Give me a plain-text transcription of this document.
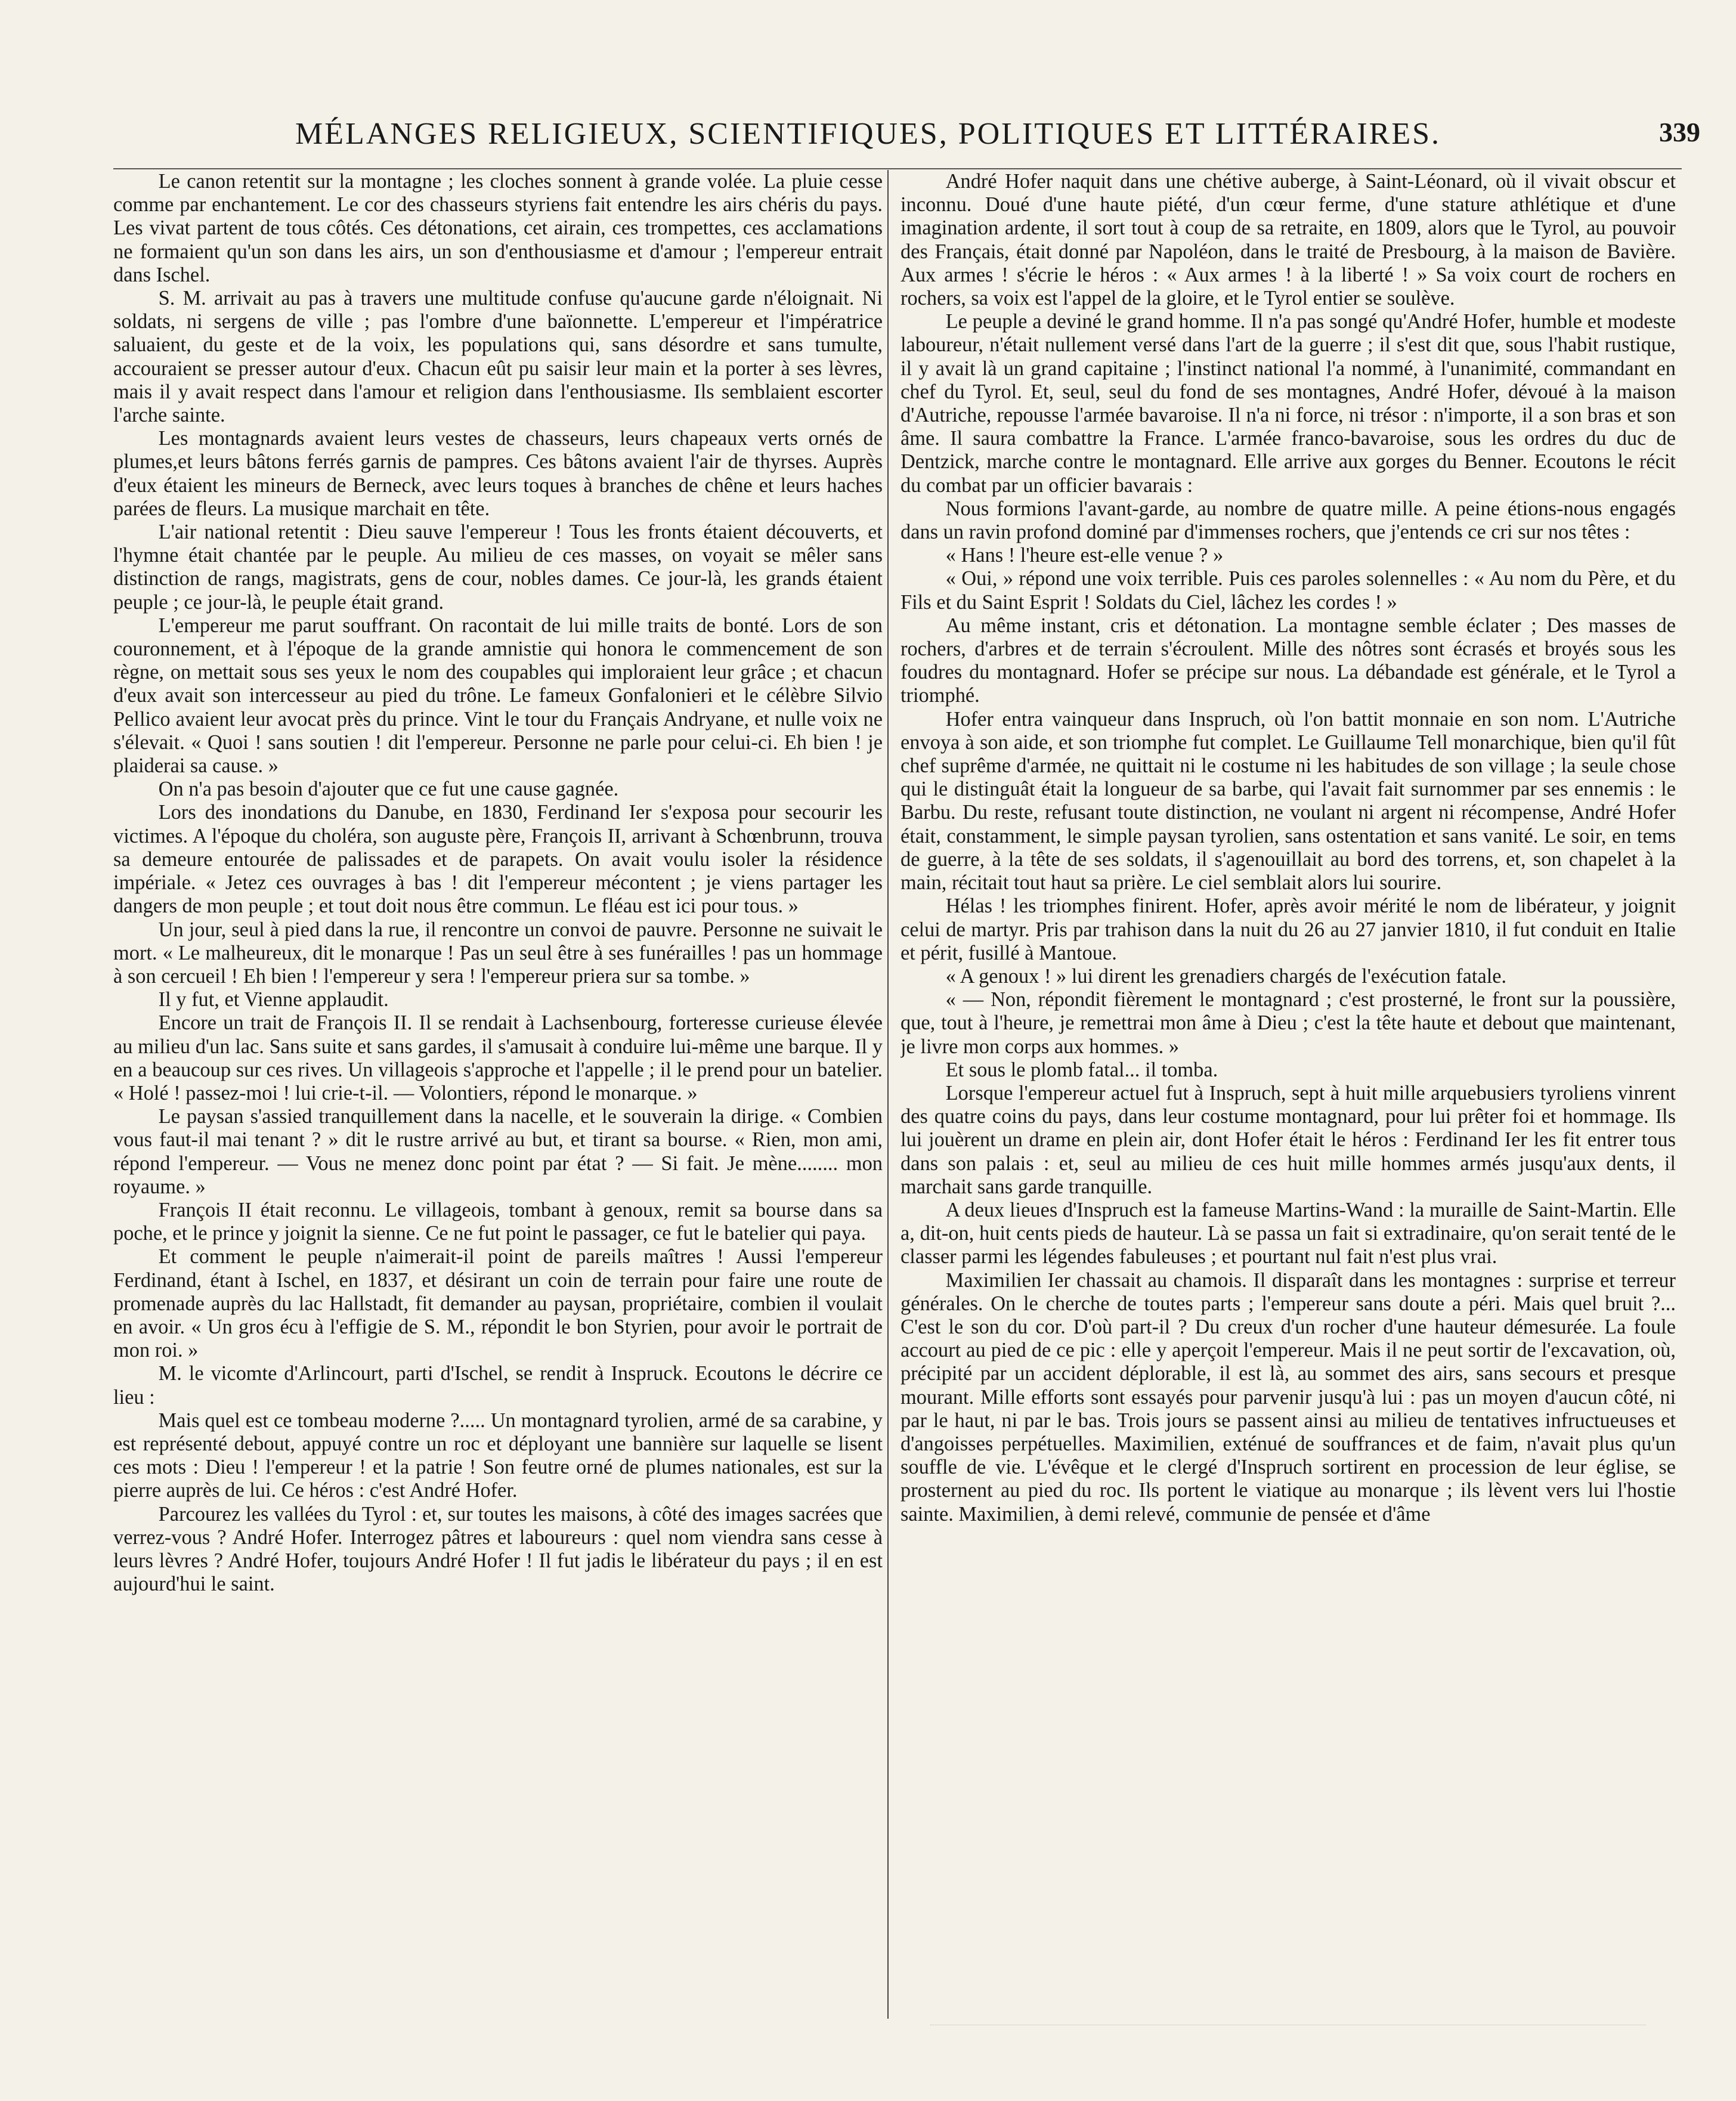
MÉLANGES RELIGIEUX, SCIENTIFIQUES, POLITIQUES ET LITTÉRAIRES.	339

Le canon retentit sur la montagne ; les cloches sonnent à grande volée. La pluie cesse comme par enchantement. Le cor des chasseurs styriens fait entendre les airs chéris du pays. Les vivat partent de tous côtés. Ces détonations, cet airain, ces trompettes, ces acclamations ne formaient qu'un son dans les airs, un son d'enthousiasme et d'amour ; l'empereur entrait dans Ischel.

S. M. arrivait au pas à travers une multitude confuse qu'aucune garde n'éloignait. Ni soldats, ni sergens de ville ; pas l'ombre d'une baïonnette. L'empereur et l'impératrice saluaient, du geste et de la voix, les populations qui, sans désordre et sans tumulte, accouraient se presser autour d'eux. Chacun eût pu saisir leur main et la porter à ses lèvres, mais il y avait respect dans l'amour et religion dans l'enthousiasme. Ils semblaient escorter l'arche sainte.

Les montagnards avaient leurs vestes de chasseurs, leurs chapeaux verts ornés de plumes,et leurs bâtons ferrés garnis de pampres. Ces bâtons avaient l'air de thyrses. Auprès d'eux étaient les mineurs de Berneck, avec leurs toques à branches de chêne et leurs haches parées de fleurs. La musique marchait en tête.

L'air national retentit : Dieu sauve l'empereur ! Tous les fronts étaient découverts, et l'hymne était chantée par le peuple. Au milieu de ces masses, on voyait se mêler sans distinction de rangs, magistrats, gens de cour, nobles dames. Ce jour-là, les grands étaient peuple ; ce jour-là, le peuple était grand.

L'empereur me parut souffrant. On racontait de lui mille traits de bonté. Lors de son couronnement, et à l'époque de la grande amnistie qui honora le commencement de son règne, on mettait sous ses yeux le nom des coupables qui imploraient leur grâce ; et chacun d'eux avait son intercesseur au pied du trône. Le fameux Gonfalonieri et le célèbre Silvio Pellico avaient leur avocat près du prince. Vint le tour du Français Andryane, et nulle voix ne s'élevait. « Quoi ! sans soutien ! dit l'empereur. Personne ne parle pour celui-ci. Eh bien ! je plaiderai sa cause. »

On n'a pas besoin d'ajouter que ce fut une cause gagnée.

Lors des inondations du Danube, en 1830, Ferdinand Ier s'exposa pour secourir les victimes. A l'époque du choléra, son auguste père, François II, arrivant à Schœnbrunn, trouva sa demeure entourée de palissades et de parapets. On avait voulu isoler la résidence impériale. « Jetez ces ouvrages à bas ! dit l'empereur mécontent ; je viens partager les dangers de mon peuple ; et tout doit nous être commun. Le fléau est ici pour tous. »

Un jour, seul à pied dans la rue, il rencontre un convoi de pauvre. Personne ne suivait le mort. « Le malheureux, dit le monarque ! Pas un seul être à ses funérailles ! pas un hommage à son cercueil ! Eh bien ! l'empereur y sera ! l'empereur priera sur sa tombe. »

Il y fut, et Vienne applaudit.

Encore un trait de François II. Il se rendait à Lachsenbourg, forteresse curieuse élevée au milieu d'un lac. Sans suite et sans gardes, il s'amusait à conduire lui-même une barque. Il y en a beaucoup sur ces rives. Un villageois s'approche et l'appelle ; il le prend pour un batelier. « Holé ! passez-moi ! lui crie-t-il. — Volontiers, répond le monarque. »

Le paysan s'assied tranquillement dans la nacelle, et le souverain la dirige. « Combien vous faut-il mai tenant ? » dit le rustre arrivé au but, et tirant sa bourse. « Rien, mon ami, répond l'empereur. — Vous ne menez donc point par état ? — Si fait. Je mène........ mon royaume. »

François II était reconnu. Le villageois, tombant à genoux, remit sa bourse dans sa poche, et le prince y joignit la sienne. Ce ne fut point le passager, ce fut le batelier qui paya.

Et comment le peuple n'aimerait-il point de pareils maîtres ! Aussi l'empereur Ferdinand, étant à Ischel, en 1837, et désirant un coin de terrain pour faire une route de promenade auprès du lac Hallstadt, fit demander au paysan, propriétaire, combien il voulait en avoir. « Un gros écu à l'effigie de S. M., répondit le bon Styrien, pour avoir le portrait de mon roi. »

M. le vicomte d'Arlincourt, parti d'Ischel, se rendit à Inspruck. Ecoutons le décrire ce lieu :

Mais quel est ce tombeau moderne ?..... Un montagnard tyrolien, armé de sa carabine, y est représenté debout, appuyé contre un roc et déployant une bannière sur laquelle se lisent ces mots : Dieu ! l'empereur ! et la patrie ! Son feutre orné de plumes nationales, est sur la pierre auprès de lui. Ce héros : c'est André Hofer.

Parcourez les vallées du Tyrol : et, sur toutes les maisons, à côté des images sacrées que verrez-vous ? André Hofer. Interrogez pâtres et laboureurs : quel nom viendra sans cesse à leurs lèvres ? André Hofer, toujours André Hofer ! Il fut jadis le libérateur du pays ; il en est aujourd'hui le saint.

André Hofer naquit dans une chétive auberge, à Saint-Léonard, où il vivait obscur et inconnu. Doué d'une haute piété, d'un cœur ferme, d'une stature athlétique et d'une imagination ardente, il sort tout à coup de sa retraite, en 1809, alors que le Tyrol, au pouvoir des Français, était donné par Napoléon, dans le traité de Presbourg, à la maison de Bavière. Aux armes ! s'écrie le héros : « Aux armes ! à la liberté ! » Sa voix court de rochers en rochers, sa voix est l'appel de la gloire, et le Tyrol entier se soulève.

Le peuple a deviné le grand homme. Il n'a pas songé qu'André Hofer, humble et modeste laboureur, n'était nullement versé dans l'art de la guerre ; il s'est dit que, sous l'habit rustique, il y avait là un grand capitaine ; l'instinct national l'a nommé, à l'unanimité, commandant en chef du Tyrol. Et, seul, seul du fond de ses montagnes, André Hofer, dévoué à la maison d'Autriche, repousse l'armée bavaroise. Il n'a ni force, ni trésor : n'importe, il a son bras et son âme. Il saura combattre la France. L'armée franco-bavaroise, sous les ordres du duc de Dentzick, marche contre le montagnard. Elle arrive aux gorges du Benner. Ecoutons le récit du combat par un officier bavarais :

Nous formions l'avant-garde, au nombre de quatre mille. A peine étions-nous engagés dans un ravin profond dominé par d'immenses rochers, que j'entends ce cri sur nos têtes :

« Hans ! l'heure est-elle venue ? »

« Oui, » répond une voix terrible. Puis ces paroles solennelles : « Au nom du Père, et du Fils et du Saint Esprit ! Soldats du Ciel, lâchez les cordes ! »

Au même instant, cris et détonation. La montagne semble éclater ; Des masses de rochers, d'arbres et de terrain s'écroulent. Mille des nôtres sont écrasés et broyés sous les foudres du montagnard. Hofer se précipe sur nous. La débandade est générale, et le Tyrol a triomphé.

Hofer entra vainqueur dans Inspruch, où l'on battit monnaie en son nom. L'Autriche envoya à son aide, et son triomphe fut complet. Le Guillaume Tell monarchique, bien qu'il fût chef suprême d'armée, ne quittait ni le costume ni les habitudes de son village ; la seule chose qui le distinguât était la longueur de sa barbe, qui l'avait fait surnommer par ses ennemis : le Barbu. Du reste, refusant toute distinction, ne voulant ni argent ni récompense, André Hofer était, constamment, le simple paysan tyrolien, sans ostentation et sans vanité. Le soir, en tems de guerre, à la tête de ses soldats, il s'agenouillait au bord des torrens, et, son chapelet à la main, récitait tout haut sa prière. Le ciel semblait alors lui sourire.

Hélas ! les triomphes finirent. Hofer, après avoir mérité le nom de libérateur, y joignit celui de martyr. Pris par trahison dans la nuit du 26 au 27 janvier 1810, il fut conduit en Italie et périt, fusillé à Mantoue.

« A genoux ! » lui dirent les grenadiers chargés de l'exécution fatale.

« — Non, répondit fièrement le montagnard ; c'est prosterné, le front sur la poussière, que, tout à l'heure, je remettrai mon âme à Dieu ; c'est la tête haute et debout que maintenant, je livre mon corps aux hommes. »

Et sous le plomb fatal... il tomba.

Lorsque l'empereur actuel fut à Inspruch, sept à huit mille arquebusiers tyroliens vinrent des quatre coins du pays, dans leur costume montagnard, pour lui prêter foi et hommage. Ils lui jouèrent un drame en plein air, dont Hofer était le héros : Ferdinand Ier les fit entrer tous dans son palais : et, seul au milieu de ces huit mille hommes armés jusqu'aux dents, il marchait sans garde tranquille.

A deux lieues d'Inspruch est la fameuse Martins-Wand : la muraille de Saint-Martin. Elle a, dit-on, huit cents pieds de hauteur. Là se passa un fait si extradinaire, qu'on serait tenté de le classer parmi les légendes fabuleuses ; et pourtant nul fait n'est plus vrai.

Maximilien Ier chassait au chamois. Il disparaît dans les montagnes : surprise et terreur générales. On le cherche de toutes parts ; l'empereur sans doute a péri. Mais quel bruit ?... C'est le son du cor. D'où part-il ? Du creux d'un rocher d'une hauteur démesurée. La foule accourt au pied de ce pic : elle y aperçoit l'empereur. Mais il ne peut sortir de l'excavation, où, précipité par un accident déplorable, il est là, au sommet des airs, sans secours et presque mourant. Mille efforts sont essayés pour parvenir jusqu'à lui : pas un moyen d'aucun côté, ni par le haut, ni par le bas. Trois jours se passent ainsi au milieu de tentatives infructueuses et d'angoisses perpétuelles. Maximilien, exténué de souffrances et de faim, n'avait plus qu'un souffle de vie. L'évêque et le clergé d'Inspruch sortirent en procession de leur église, se prosternent au pied du roc. Ils portent le viatique au monarque ; ils lèvent vers lui l'hostie sainte. Maximilien, à demi relevé, communie de pensée et d'âme
